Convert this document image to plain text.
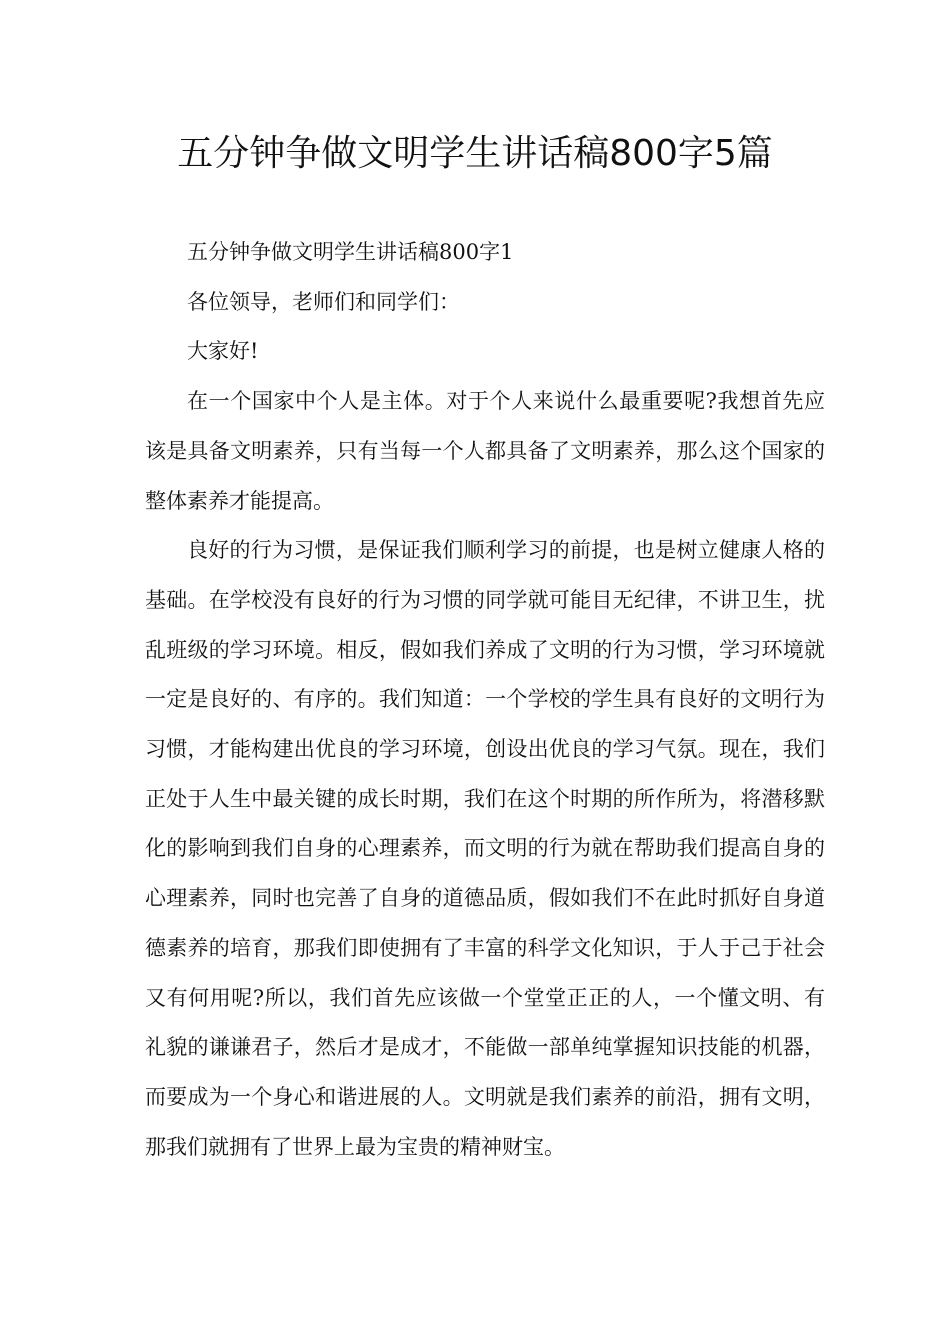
五分钟争做文明学生讲话稿800字5篇

五分钟争做文明学生讲话稿800字1

各位领导，老师们和同学们：

大家好!

在一个国家中个人是主体。对于个人来说什么最重要呢?我想首先应该是具备文明素养，只有当每一个人都具备了文明素养，那么这个国家的整体素养才能提高。

良好的行为习惯，是保证我们顺利学习的前提，也是树立健康人格的基础。在学校没有良好的行为习惯的同学就可能目无纪律，不讲卫生，扰乱班级的学习环境。相反，假如我们养成了文明的行为习惯，学习环境就一定是良好的、有序的。我们知道：一个学校的学生具有良好的文明行为习惯，才能构建出优良的学习环境，创设出优良的学习气氛。现在，我们正处于人生中最关键的成长时期，我们在这个时期的所作所为，将潜移默化的影响到我们自身的心理素养，而文明的行为就在帮助我们提高自身的心理素养，同时也完善了自身的道德品质，假如我们不在此时抓好自身道德素养的培育，那我们即使拥有了丰富的科学文化知识，于人于己于社会又有何用呢?所以，我们首先应该做一个堂堂正正的人，一个懂文明、有礼貌的谦谦君子，然后才是成才，不能做一部单纯掌握知识技能的机器，而要成为一个身心和谐进展的人。文明就是我们素养的前沿，拥有文明，那我们就拥有了世界上最为宝贵的精神财宝。
